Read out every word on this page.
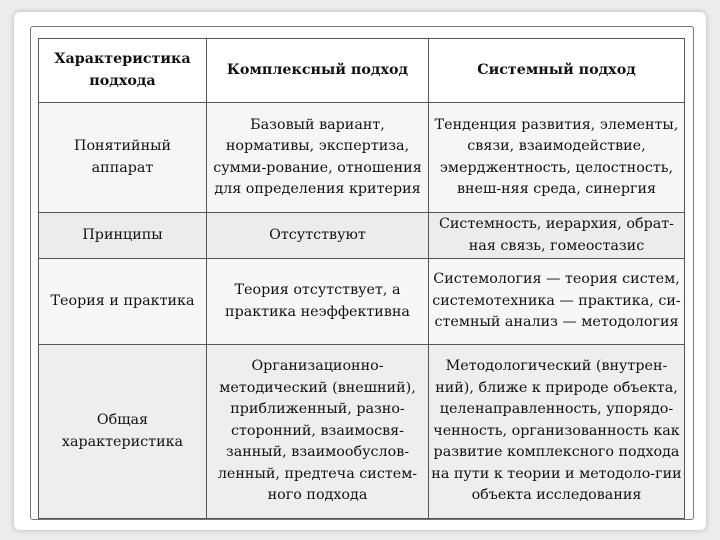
Характеристика подхода	Комплексный подход	Системный подход
Понятийный аппарат	Базовый вариант, нормативы, экспертиза, сумми-рование, отношения для определения критерия	Тенденция развития, элементы, связи, взаимодействие, эмерджентность, целостность, внеш-няя среда, синергия
Принципы	Отсутствуют	Системность, иерархия, обрат-ная связь, гомеостазис
Теория и практика	Теория отсутствует, а практика неэффективна	Системология — теория систем, системотехника — практика, си-стемный анализ — методология
Общая характеристика	Организационно-методический (внешний), приближенный, разно-сторонний, взаимосвя-занный, взаимообуслов-ленный, предтеча систем-ного подхода	Методологический (внутрен-ний), ближе к природе объекта, целенаправленность, упорядо-ченность, организованность как развитие комплексного подхода на пути к теории и методоло-гии объекта исследования
